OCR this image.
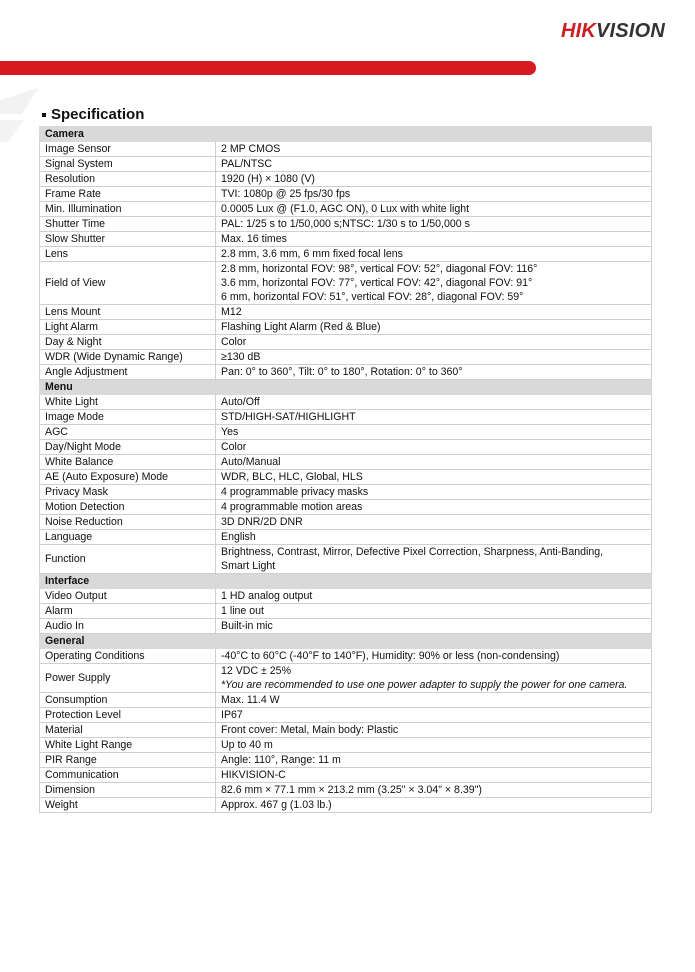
HIKVISION
Specification
Camera	
Image Sensor	2 MP CMOS

Signal System	PAL/NTSC

Resolution	1920 (H) × 1080 (V)

Frame Rate	TVI: 1080p @ 25 fps/30 fps

Min. Illumination	0.0005 Lux @ (F1.0, AGC ON), 0 Lux with white light

Shutter Time	PAL: 1/25 s to 1/50,000 s;NTSC: 1/30 s to 1/50,000 s

Slow Shutter	Max. 16 times

Lens	2.8 mm, 3.6 mm, 6 mm fixed focal lens

Field of View	2.8 mm, horizontal FOV: 98°, vertical FOV: 52°, diagonal FOV: 116°
3.6 mm, horizontal FOV: 77°, vertical FOV: 42°, diagonal FOV: 91°
6 mm, horizontal FOV: 51°, vertical FOV: 28°, diagonal FOV: 59°

Lens Mount	M12

Light Alarm	Flashing Light Alarm (Red & Blue)

Day & Night	Color

WDR (Wide Dynamic Range)	≥130 dB

Angle Adjustment	Pan: 0° to 360°, Tilt: 0° to 180°, Rotation: 0° to 360°

Menu	
White Light	Auto/Off

Image Mode	STD/HIGH-SAT/HIGHLIGHT

AGC	Yes

Day/Night Mode	Color

White Balance	Auto/Manual

AE (Auto Exposure) Mode	WDR, BLC, HLC, Global, HLS

Privacy Mask	4 programmable privacy masks

Motion Detection	4 programmable motion areas

Noise Reduction	3D DNR/2D DNR

Language	English

Function	Brightness, Contrast, Mirror, Defective Pixel Correction, Sharpness, Anti-Banding,
Smart Light

Interface	
Video Output	1 HD analog output

Alarm	1 line out

Audio In	Built-in mic

General	
Operating Conditions	-40°C to 60°C (-40°F to 140°F), Humidity: 90% or less (non-condensing)

Power Supply	12 VDC ± 25%
*You are recommended to use one power adapter to supply the power for one camera.

Consumption	Max. 11.4 W

Protection Level	IP67

Material	Front cover: Metal, Main body: Plastic

White Light Range	Up to 40 m

PIR Range	Angle: 110°, Range: 11 m

Communication	HIKVISION-C

Dimension	82.6 mm × 77.1 mm × 213.2 mm (3.25" × 3.04" × 8.39")

Weight	Approx. 467 g (1.03 lb.)
